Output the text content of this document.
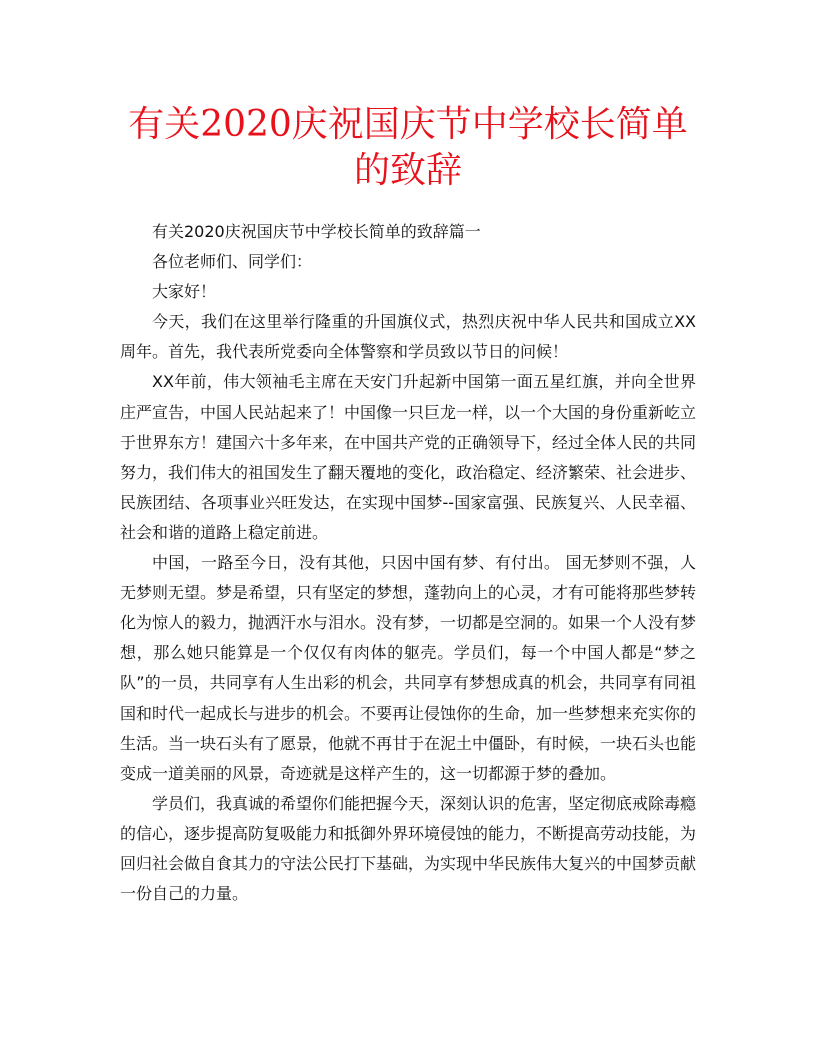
有关2020庆祝国庆节中学校长简单的致辞

有关2020庆祝国庆节中学校长简单的致辞篇一

各位老师们、同学们：

大家好！

今天，我们在这里举行隆重的升国旗仪式，热烈庆祝中华人民共和国成立XX周年。首先，我代表所党委向全体警察和学员致以节日的问候！

XX年前，伟大领袖毛主席在天安门升起新中国第一面五星红旗，并向全世界庄严宣告，中国人民站起来了！中国像一只巨龙一样，以一个大国的身份重新屹立于世界东方！建国六十多年来，在中国共产党的正确领导下，经过全体人民的共同努力，我们伟大的祖国发生了翻天覆地的变化，政治稳定、经济繁荣、社会进步、民族团结、各项事业兴旺发达，在实现中国梦--国家富强、民族复兴、人民幸福、社会和谐的道路上稳定前进。

中国，一路至今日，没有其他，只因中国有梦、有付出。 国无梦则不强，人无梦则无望。梦是希望，只有坚定的梦想，蓬勃向上的心灵，才有可能将那些梦转化为惊人的毅力，抛洒汗水与泪水。没有梦，一切都是空洞的。如果一个人没有梦想，那么她只能算是一个仅仅有肉体的躯壳。学员们，每一个中国人都是“梦之队”的一员，共同享有人生出彩的机会，共同享有梦想成真的机会，共同享有同祖国和时代一起成长与进步的机会。不要再让侵蚀你的生命，加一些梦想来充实你的生活。当一块石头有了愿景，他就不再甘于在泥土中僵卧，有时候，一块石头也能变成一道美丽的风景，奇迹就是这样产生的，这一切都源于梦的叠加。

学员们，我真诚的希望你们能把握今天，深刻认识的危害，坚定彻底戒除毒瘾的信心，逐步提高防复吸能力和抵御外界环境侵蚀的能力，不断提高劳动技能，为回归社会做自食其力的守法公民打下基础，为实现中华民族伟大复兴的中国梦贡献一份自己的力量。
